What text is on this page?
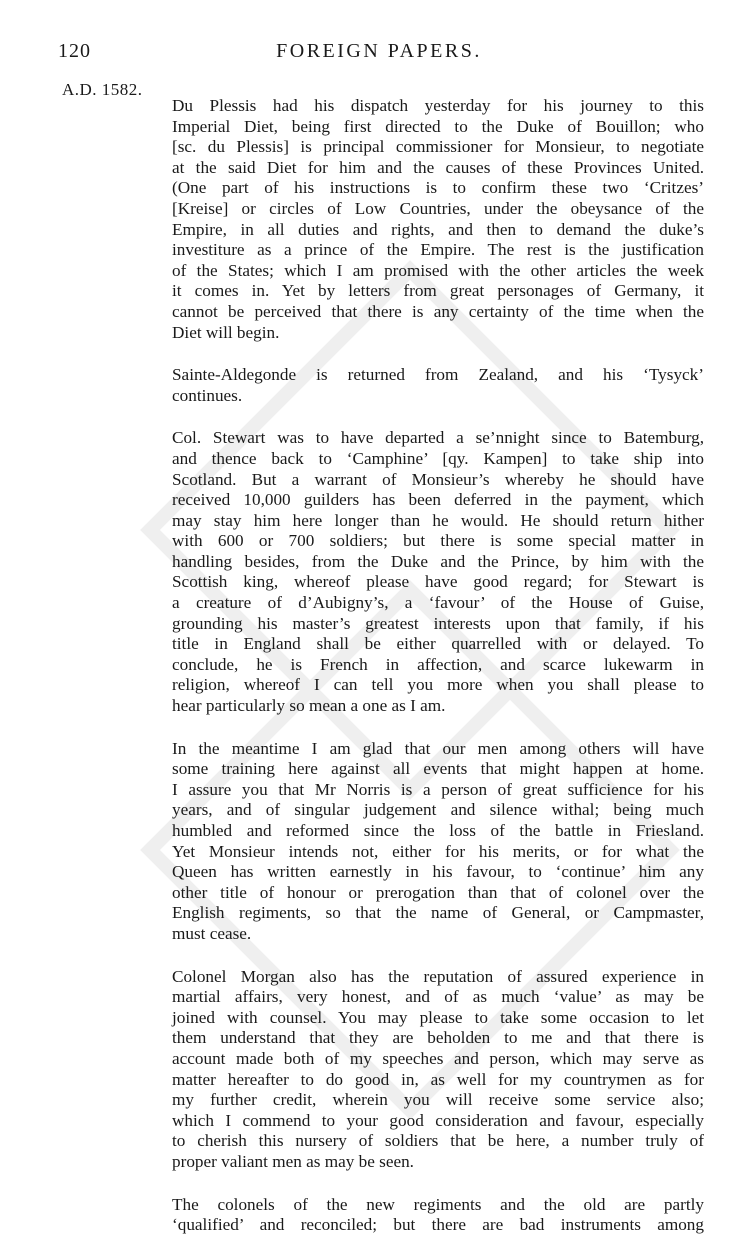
120	FOREIGN PAPERS.
A.D. 1582.

Du Plessis had his dispatch yesterday for his journey to this
Imperial Diet, being first directed to the Duke of Bouillon; who
[sc. du Plessis] is principal commissioner for Monsieur, to negotiate
at the said Diet for him and the causes of these Provinces United.
(One part of his instructions is to confirm these two ‘Critzes’
[Kreise] or circles of Low Countries, under the obeysance of the
Empire, in all duties and rights, and then to demand the duke’s
investiture as a prince of the Empire. The rest is the justification
of the States; which I am promised with the other articles the week
it comes in. Yet by letters from great personages of Germany, it
cannot be perceived that there is any certainty of the time when the
Diet will begin.

Sainte-Aldegonde is returned from Zealand, and his ‘Tysyck’
continues.

Col. Stewart was to have departed a se’nnight since to Batemburg,
and thence back to ‘Camphine’ [qy. Kampen] to take ship into
Scotland. But a warrant of Monsieur’s whereby he should have
received 10,000 guilders has been deferred in the payment, which
may stay him here longer than he would. He should return hither
with 600 or 700 soldiers; but there is some special matter in
handling besides, from the Duke and the Prince, by him with the
Scottish king, whereof please have good regard; for Stewart is
a creature of d’Aubigny’s, a ‘favour’ of the House of Guise,
grounding his master’s greatest interests upon that family, if his
title in England shall be either quarrelled with or delayed. To
conclude, he is French in affection, and scarce lukewarm in
religion, whereof I can tell you more when you shall please to
hear particularly so mean a one as I am.

In the meantime I am glad that our men among others will have
some training here against all events that might happen at home.
I assure you that Mr Norris is a person of great sufficience for his
years, and of singular judgement and silence withal; being much
humbled and reformed since the loss of the battle in Friesland.
Yet Monsieur intends not, either for his merits, or for what the
Queen has written earnestly in his favour, to ‘continue’ him any
other title of honour or prerogation than that of colonel over the
English regiments, so that the name of General, or Campmaster,
must cease.

Colonel Morgan also has the reputation of assured experience in
martial affairs, very honest, and of as much ‘value’ as may be
joined with counsel. You may please to take some occasion to let
them understand that they are beholden to me and that there is
account made both of my speeches and person, which may serve as
matter hereafter to do good in, as well for my countrymen as for
my further credit, wherein you will receive some service also;
which I commend to your good consideration and favour, especially
to cherish this nursery of soldiers that be here, a number truly of
proper valiant men as may be seen.

The colonels of the new regiments and the old are partly
‘qualified’ and reconciled; but there are bad instruments among
